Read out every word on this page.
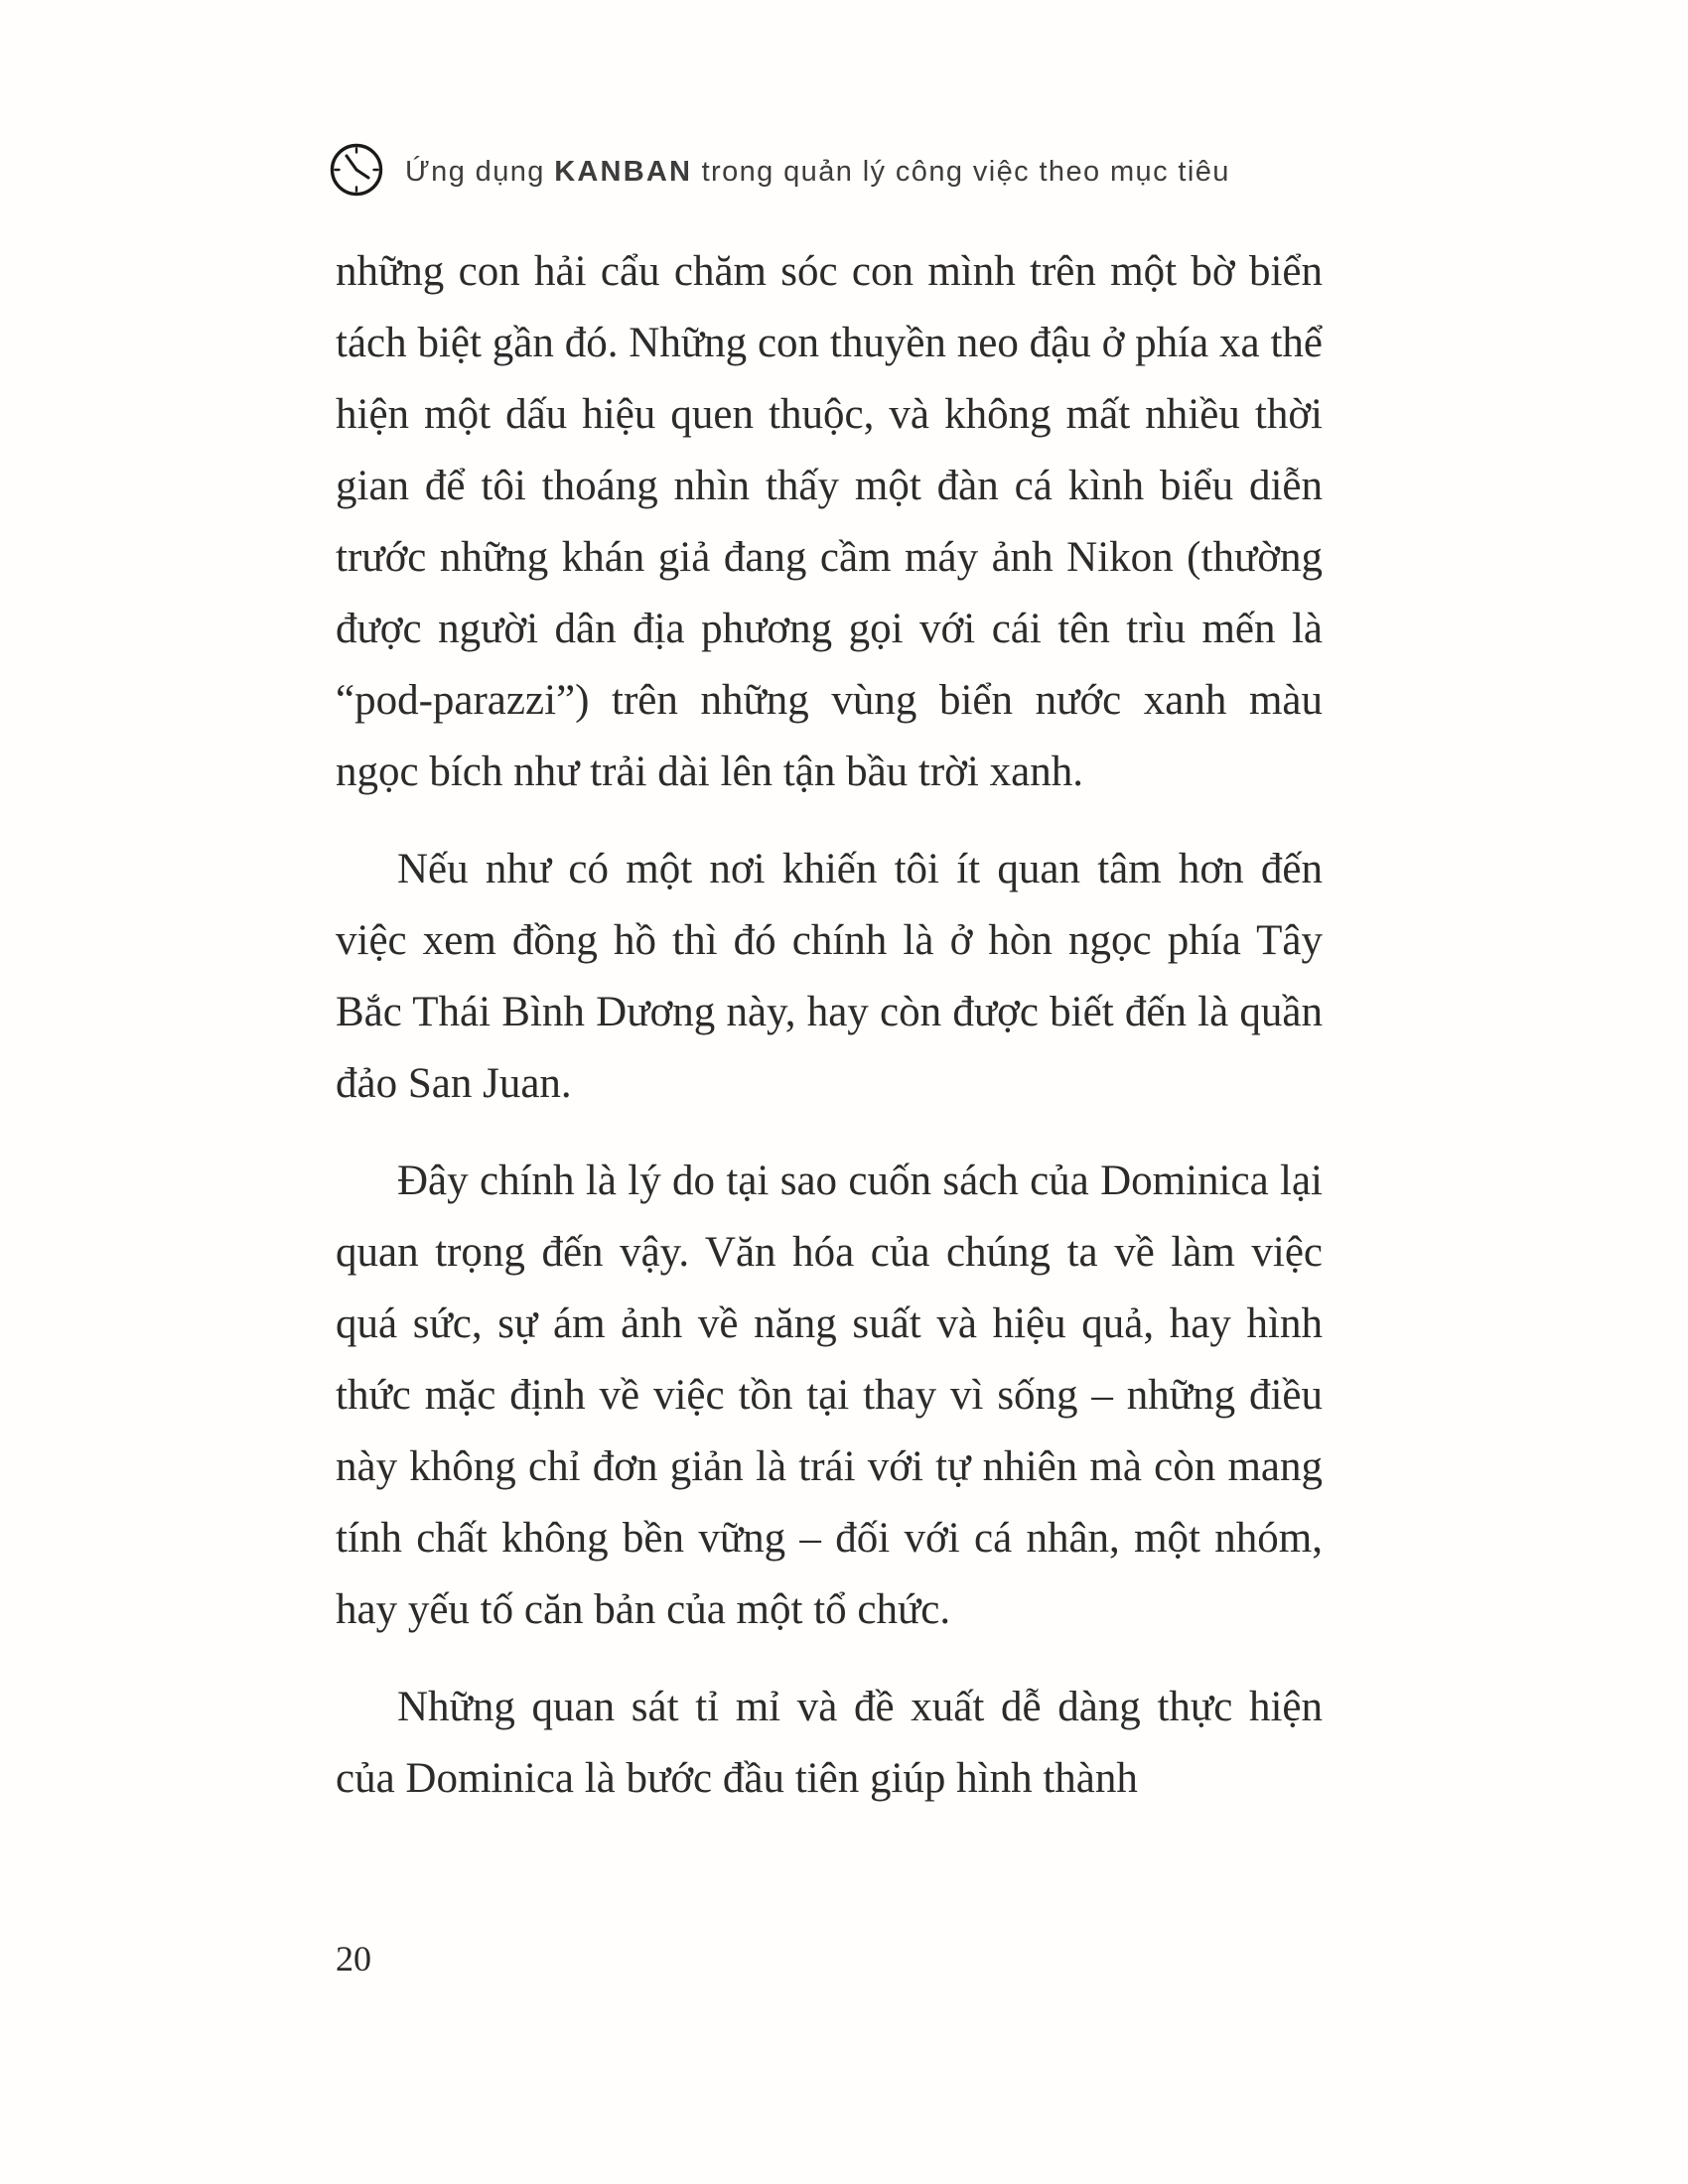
Ứng dụng KANBAN trong quản lý công việc theo mục tiêu

những con hải cẩu chăm sóc con mình trên một bờ biển tách biệt gần đó. Những con thuyền neo đậu ở phía xa thể hiện một dấu hiệu quen thuộc, và không mất nhiều thời gian để tôi thoáng nhìn thấy một đàn cá kình biểu diễn trước những khán giả đang cầm máy ảnh Nikon (thường được người dân địa phương gọi với cái tên trìu mến là “pod-parazzi”) trên những vùng biển nước xanh màu ngọc bích như trải dài lên tận bầu trời xanh.

Nếu như có một nơi khiến tôi ít quan tâm hơn đến việc xem đồng hồ thì đó chính là ở hòn ngọc phía Tây Bắc Thái Bình Dương này, hay còn được biết đến là quần đảo San Juan.

Đây chính là lý do tại sao cuốn sách của Dominica lại quan trọng đến vậy. Văn hóa của chúng ta về làm việc quá sức, sự ám ảnh về năng suất và hiệu quả, hay hình thức mặc định về việc tồn tại thay vì sống – những điều này không chỉ đơn giản là trái với tự nhiên mà còn mang tính chất không bền vững – đối với cá nhân, một nhóm, hay yếu tố căn bản của một tổ chức.

Những quan sát tỉ mỉ và đề xuất dễ dàng thực hiện của Dominica là bước đầu tiên giúp hình thành

20
